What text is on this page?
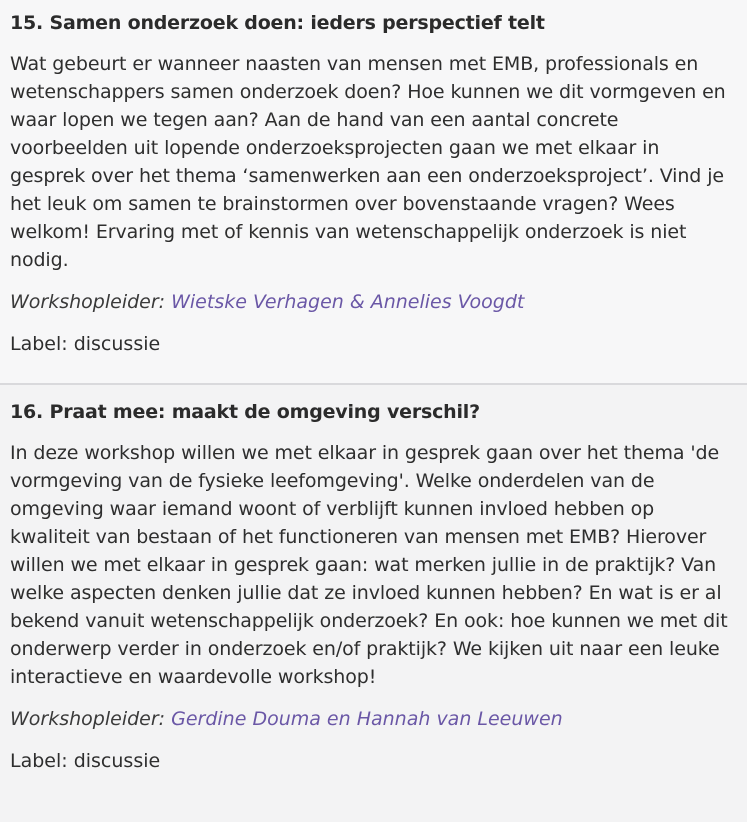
15. Samen onderzoek doen: ieders perspectief telt

Wat gebeurt er wanneer naasten van mensen met EMB, professionals en wetenschappers samen onderzoek doen? Hoe kunnen we dit vormgeven en waar lopen we tegen aan? Aan de hand van een aantal concrete voorbeelden uit lopende onderzoeksprojecten gaan we met elkaar in gesprek over het thema ‘samenwerken aan een onderzoeksproject’. Vind je het leuk om samen te brainstormen over bovenstaande vragen? Wees welkom! Ervaring met of kennis van wetenschappelijk onderzoek is niet nodig.

Workshopleider: Wietske Verhagen & Annelies Voogdt

Label: discussie

16. Praat mee: maakt de omgeving verschil?

In deze workshop willen we met elkaar in gesprek gaan over het thema 'de vormgeving van de fysieke leefomgeving'. Welke onderdelen van de omgeving waar iemand woont of verblijft kunnen invloed hebben op kwaliteit van bestaan of het functioneren van mensen met EMB? Hierover willen we met elkaar in gesprek gaan: wat merken jullie in de praktijk? Van welke aspecten denken jullie dat ze invloed kunnen hebben? En wat is er al bekend vanuit wetenschappelijk onderzoek? En ook: hoe kunnen we met dit onderwerp verder in onderzoek en/of praktijk? We kijken uit naar een leuke interactieve en waardevolle workshop!

Workshopleider: Gerdine Douma en Hannah van Leeuwen

Label: discussie
